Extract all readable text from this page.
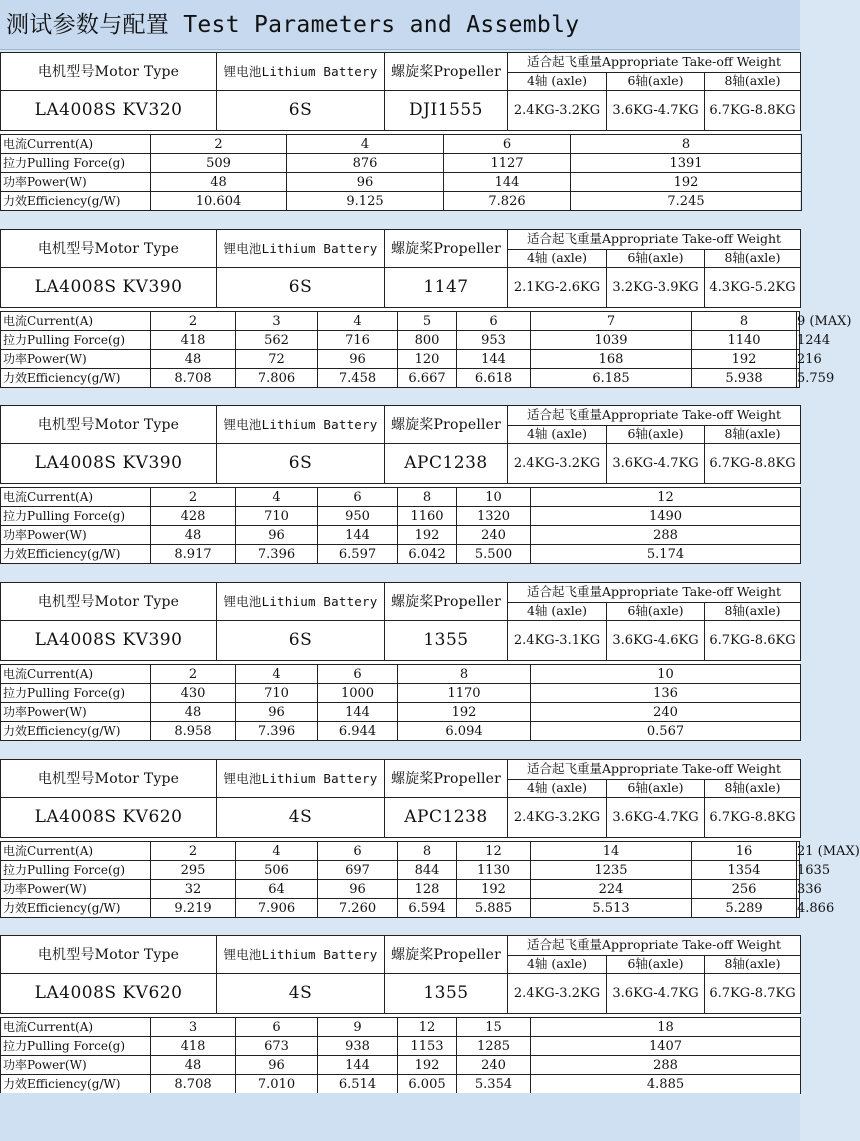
测试参数与配置 Test Parameters and Assembly
电机型号Motor Type	锂电池Lithium Battery	螺旋桨Propeller	适合起飞重量Appropriate Take-off Weight		
			4轴 (axle)	6轴(axle)	8轴(axle)
LA4008S KV320	6S	DJI1555	2.4KG-3.2KG	3.6KG-4.7KG	6.7KG-8.8KG
电流Current(A)	2	4	6	8	
拉力Pulling Force(g)	509	876	1127	1391	
功率Power(W)	48	96	144	192	
力效Efficiency(g/W)	10.604	9.125	7.826	7.245	
电机型号Motor Type	锂电池Lithium Battery	螺旋桨Propeller	适合起飞重量Appropriate Take-off Weight		
			4轴 (axle)	6轴(axle)	8轴(axle)
LA4008S KV390	6S	1147	2.1KG-2.6KG	3.2KG-3.9KG	4.3KG-5.2KG
电流Current(A)	2	3	4	5	6	7	8	9 (MAX)
拉力Pulling Force(g)	418	562	716	800	953	1039	1140	1244
功率Power(W)	48	72	96	120	144	168	192	216
力效Efficiency(g/W)	8.708	7.806	7.458	6.667	6.618	6.185	5.938	5.759
电机型号Motor Type	锂电池Lithium Battery	螺旋桨Propeller	适合起飞重量Appropriate Take-off Weight		
			4轴 (axle)	6轴(axle)	8轴(axle)
LA4008S KV390	6S	APC1238	2.4KG-3.2KG	3.6KG-4.7KG	6.7KG-8.8KG
电流Current(A)	2	4	6	8	10	12	
拉力Pulling Force(g)	428	710	950	1160	1320	1490	
功率Power(W)	48	96	144	192	240	288	
力效Efficiency(g/W)	8.917	7.396	6.597	6.042	5.500	5.174	
电机型号Motor Type	锂电池Lithium Battery	螺旋桨Propeller	适合起飞重量Appropriate Take-off Weight		
			4轴 (axle)	6轴(axle)	8轴(axle)
LA4008S KV390	6S	1355	2.4KG-3.1KG	3.6KG-4.6KG	6.7KG-8.6KG
电流Current(A)	2	4	6	8	10	
拉力Pulling Force(g)	430	710	1000	1170	136	
功率Power(W)	48	96	144	192	240	
力效Efficiency(g/W)	8.958	7.396	6.944	6.094	0.567	
电机型号Motor Type	锂电池Lithium Battery	螺旋桨Propeller	适合起飞重量Appropriate Take-off Weight		
			4轴 (axle)	6轴(axle)	8轴(axle)
LA4008S KV620	4S	APC1238	2.4KG-3.2KG	3.6KG-4.7KG	6.7KG-8.8KG
电流Current(A)	2	4	6	8	12	14	16	21 (MAX)
拉力Pulling Force(g)	295	506	697	844	1130	1235	1354	1635
功率Power(W)	32	64	96	128	192	224	256	336
力效Efficiency(g/W)	9.219	7.906	7.260	6.594	5.885	5.513	5.289	4.866
电机型号Motor Type	锂电池Lithium Battery	螺旋桨Propeller	适合起飞重量Appropriate Take-off Weight		
			4轴 (axle)	6轴(axle)	8轴(axle)
LA4008S KV620	4S	1355	2.4KG-3.2KG	3.6KG-4.7KG	6.7KG-8.7KG
电流Current(A)	3	6	9	12	15	18	
拉力Pulling Force(g)	418	673	938	1153	1285	1407	
功率Power(W)	48	96	144	192	240	288	
力效Efficiency(g/W)	8.708	7.010	6.514	6.005	5.354	4.885	
